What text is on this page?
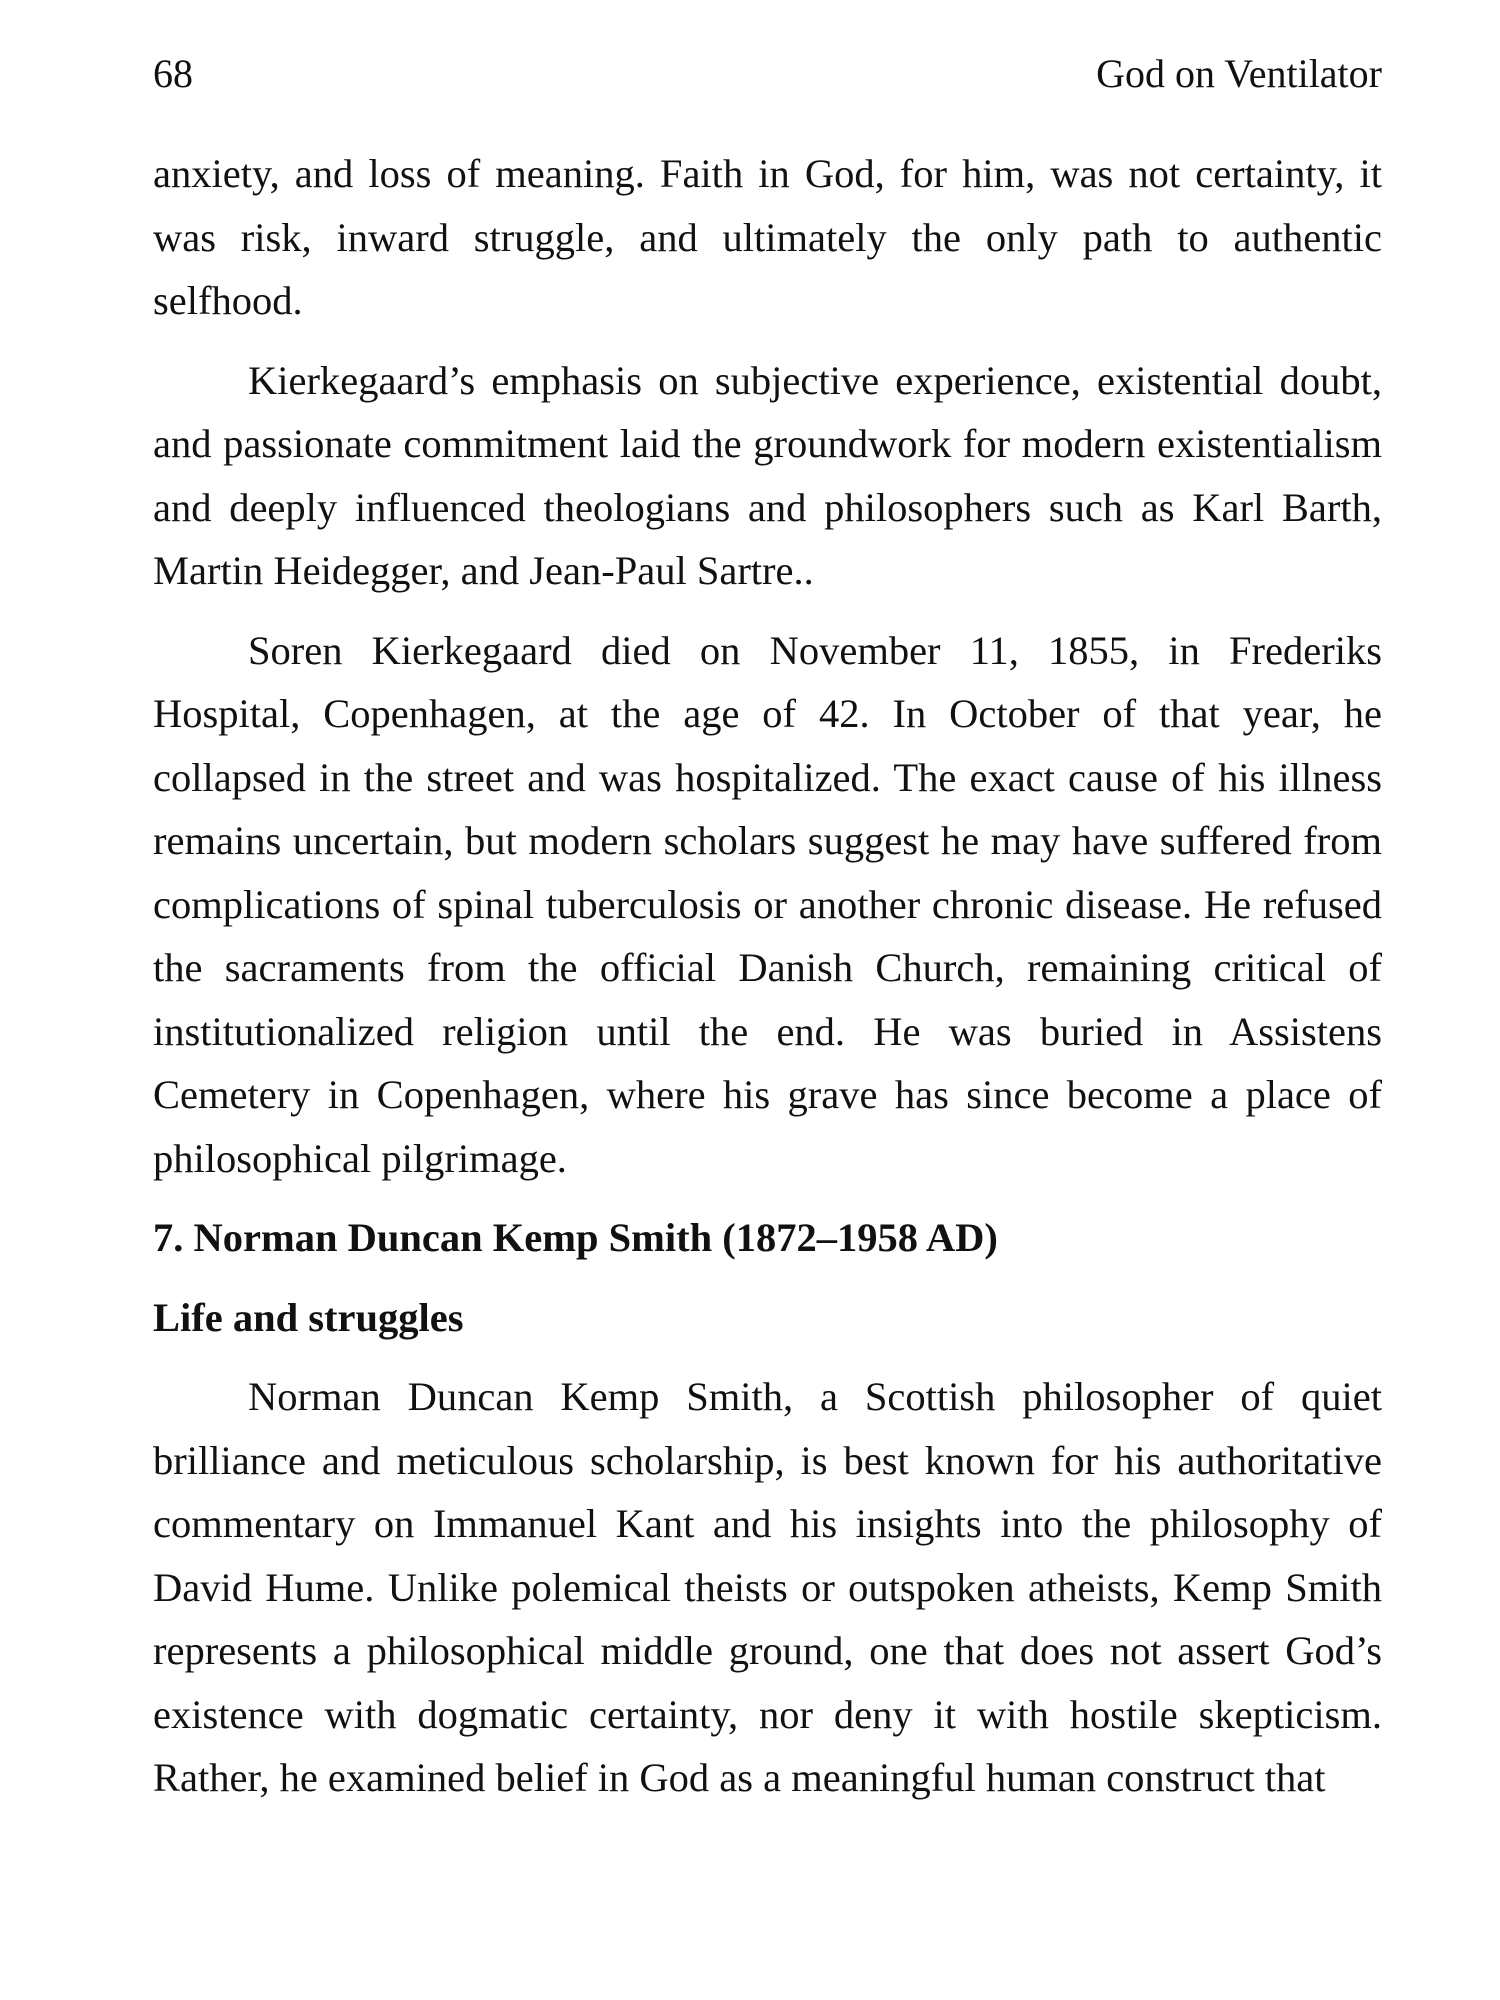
68	God on Ventilator

anxiety, and loss of meaning. Faith in God, for him, was not certainty, it was risk, inward struggle, and ultimately the only path to authentic selfhood.

Kierkegaard’s emphasis on subjective experience, existential doubt, and passionate commitment laid the groundwork for modern existentialism and deeply influenced theologians and philosophers such as Karl Barth, Martin Heidegger, and Jean-Paul Sartre..

Soren Kierkegaard died on November 11, 1855, in Frederiks Hospital, Copenhagen, at the age of 42. In October of that year, he collapsed in the street and was hospitalized. The exact cause of his illness remains uncertain, but modern scholars suggest he may have suffered from complications of spinal tuberculosis or another chronic disease. He refused the sacraments from the official Danish Church, remaining critical of institutionalized religion until the end. He was buried in Assistens Cemetery in Copenhagen, where his grave has since become a place of philosophical pilgrimage.

7. Norman Duncan Kemp Smith (1872–1958 AD)
Life and struggles

Norman Duncan Kemp Smith, a Scottish philosopher of quiet brilliance and meticulous scholarship, is best known for his authoritative commentary on Immanuel Kant and his insights into the philosophy of David Hume. Unlike polemical theists or outspoken atheists, Kemp Smith represents a philosophical middle ground, one that does not assert God’s existence with dogmatic certainty, nor deny it with hostile skepticism. Rather, he examined belief in God as a meaningful human construct that
